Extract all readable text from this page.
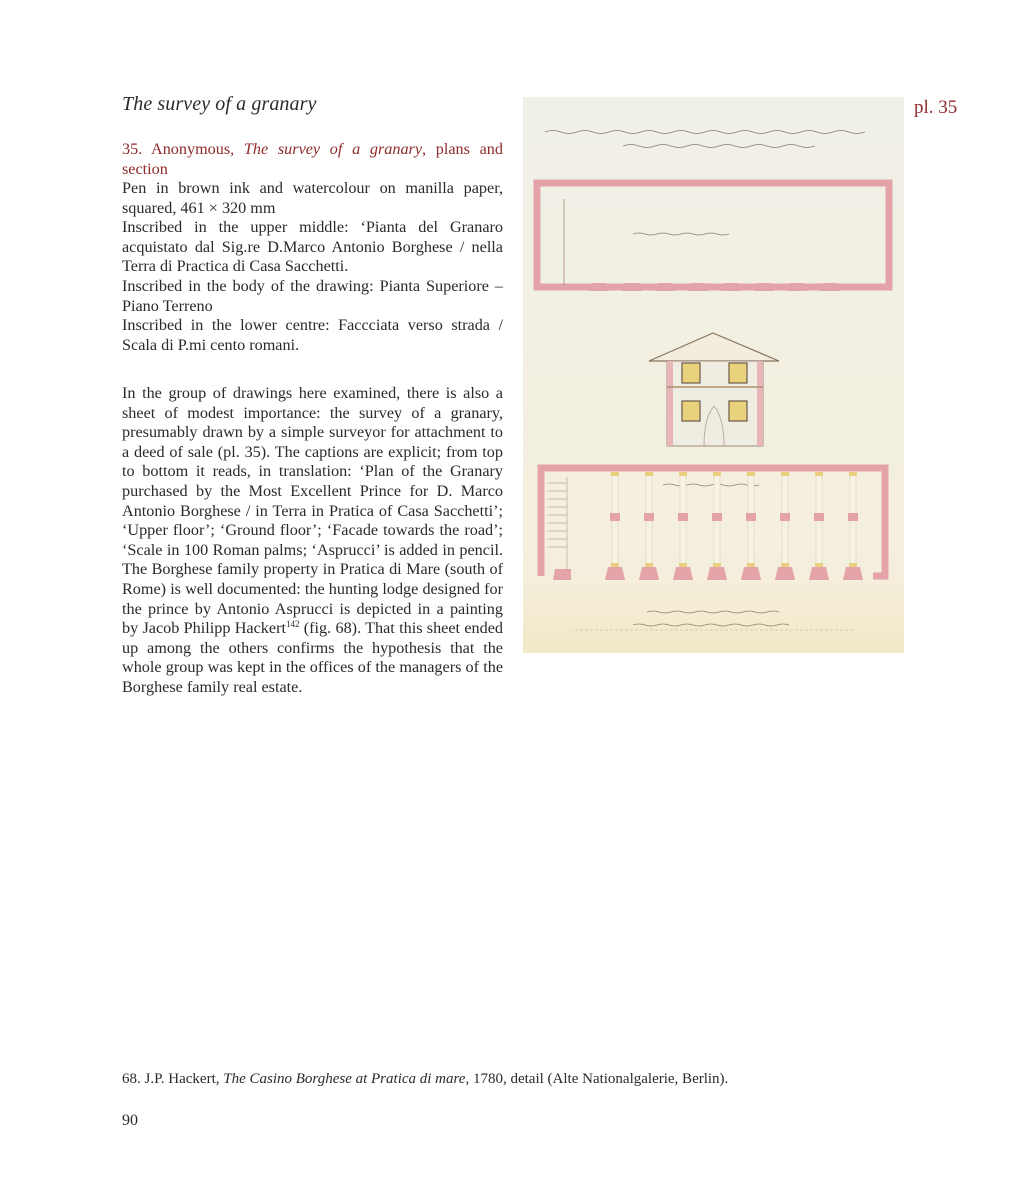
The survey of a granary	pl. 35
35. Anonymous, The survey of a granary, plans and section

Pen in brown ink and watercolour on manilla paper, squared, 461 × 320 mm

Inscribed in the upper middle: ‘Pianta del Granaro acquistato dal Sig.re D.Marco Antonio Borghese / nella Terra di Practica di Casa Sacchetti.

Inscribed in the body of the drawing: Pianta Superiore – Piano Terreno

Inscribed in the lower centre: Faccciata verso strada / Scala di P.mi cento romani.

In the group of drawings here examined, there is also a sheet of modest importance: the survey of a granary, presumably drawn by a simple surveyor for attachment to a deed of sale (pl. 35). The captions are explicit; from top to bottom it reads, in translation: ‘Plan of the Granary purchased by the Most Excellent Prince for D. Marco Antonio Borghese / in Terra in Pratica of Casa Sacchetti’; ‘Upper floor’; ‘Ground floor’; ‘Facade towards the road’; ‘Scale in 100 Roman palms; ‘Asprucci’ is added in pencil. The Borghese family property in Pratica di Mare (south of Rome) is well documented: the hunting lodge designed for the prince by Antonio Asprucci is depicted in a painting by Jacob Philipp Hackert$^{142}$ (fig. 68). That this sheet ended up among the others confirms the hypothesis that the whole group was kept in the offices of the managers of the Borghese family real estate.

68. J.P. Hackert, The Casino Borghese at Pratica di mare, 1780, detail (Alte Nationalgalerie, Berlin).
90
